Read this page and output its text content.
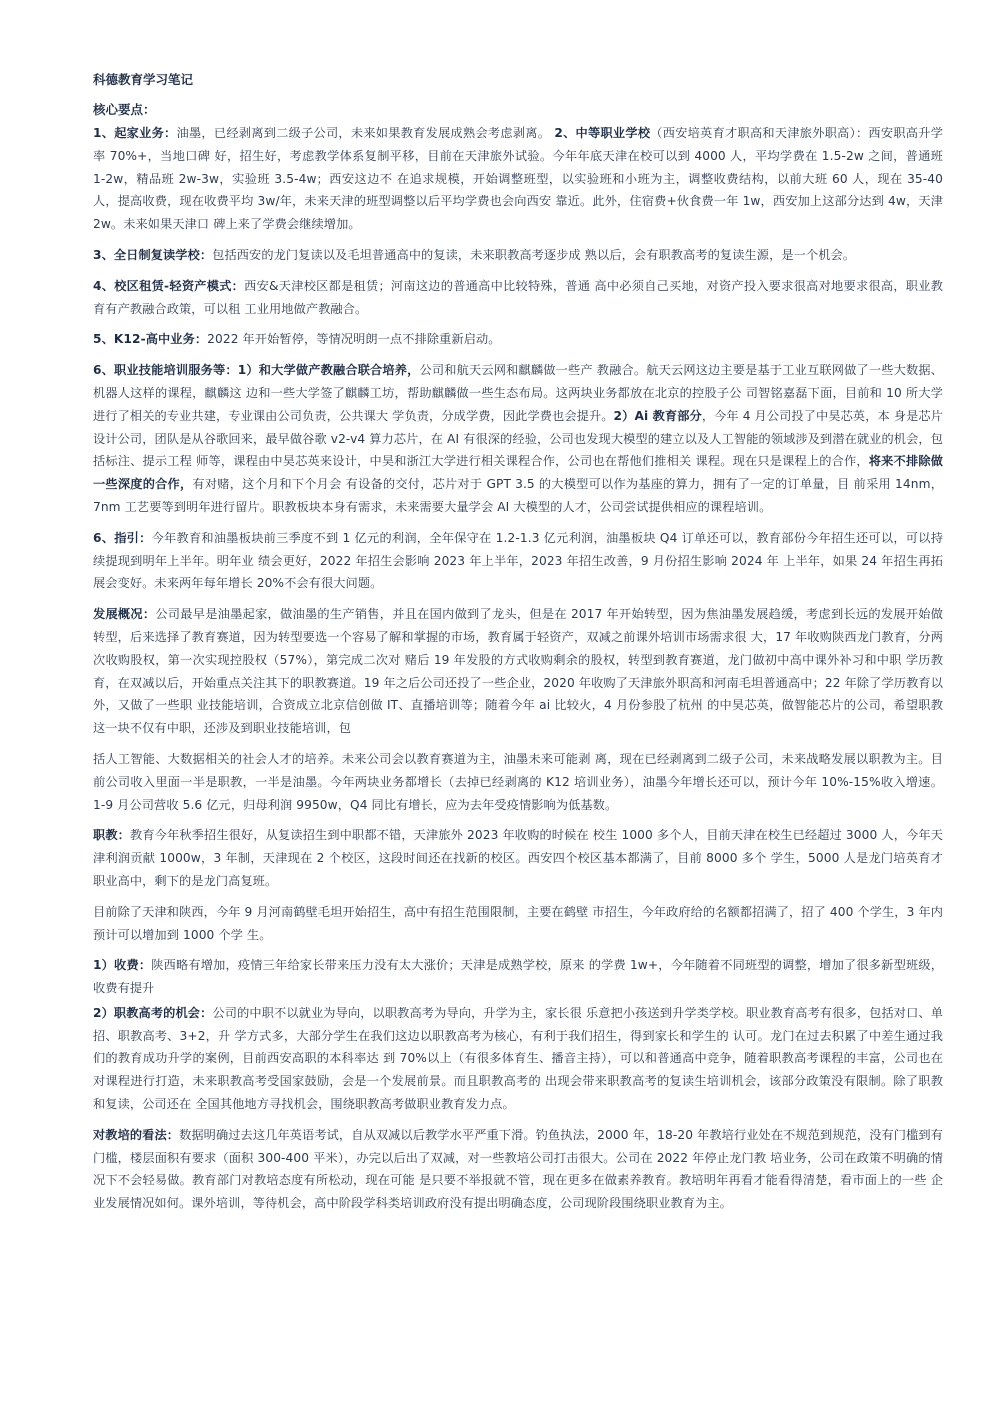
科德教育学习笔记
核心要点：

1、起家业务：油墨，已经剥离到二级子公司，未来如果教育发展成熟会考虑剥离。 2、中等职业学校（西安培英育才职高和天津旅外职高）：西安职高升学率 70%+，当地口碑 好，招生好，考虑教学体系复制平移，目前在天津旅外试验。今年年底天津在校可以到 4000 人，平均学费在 1.5-2w 之间，普通班 1-2w，精品班 2w-3w，实验班 3.5-4w；西安这边不 在追求规模，开始调整班型，以实验班和小班为主，调整收费结构，以前大班 60 人，现在 35-40 人，提高收费，现在收费平均 3w/年，未来天津的班型调整以后平均学费也会向西安 靠近。此外，住宿费+伙食费一年 1w，西安加上这部分达到 4w，天津 2w。未来如果天津口 碑上来了学费会继续增加。

3、全日制复读学校：包括西安的龙门复读以及毛坦普通高中的复读，未来职教高考逐步成 熟以后，会有职教高考的复读生源，是一个机会。

4、校区租赁-轻资产模式：西安&天津校区都是租赁；河南这边的普通高中比较特殊，普通 高中必须自己买地，对资产投入要求很高对地要求很高，职业教育有产教融合政策，可以租 工业用地做产教融合。

5、K12-高中业务：2022 年开始暂停，等情况明朗一点不排除重新启动。

6、职业技能培训服务等：1）和大学做产教融合联合培养，公司和航天云网和麒麟做一些产 教融合。航天云网这边主要是基于工业互联网做了一些大数据、机器人这样的课程，麒麟这 边和一些大学签了麒麟工坊，帮助麒麟做一些生态布局。这两块业务都放在北京的控股子公 司智铭嘉磊下面，目前和 10 所大学进行了相关的专业共建，专业课由公司负责，公共课大 学负责，分成学费，因此学费也会提升。2）Ai 教育部分，今年 4 月公司投了中昊芯英，本 身是芯片设计公司，团队是从谷歌回来，最早做谷歌 v2-v4 算力芯片，在 AI 有很深的经验，公司也发现大模型的建立以及人工智能的领域涉及到潜在就业的机会，包括标注、提示工程 师等，课程由中昊芯英来设计，中昊和浙江大学进行相关课程合作，公司也在帮他们推相关 课程。现在只是课程上的合作，将来不排除做一些深度的合作，有对赌，这个月和下个月会 有设备的交付，芯片对于 GPT 3.5 的大模型可以作为基座的算力，拥有了一定的订单量，目 前采用 14nm，7nm 工艺要等到明年进行留片。职教板块本身有需求，未来需要大量学会 AI 大模型的人才，公司尝试提供相应的课程培训。

6、指引：今年教育和油墨板块前三季度不到 1 亿元的利润，全年保守在 1.2-1.3 亿元利润，油墨板块 Q4 订单还可以，教育部份今年招生还可以，可以持续提现到明年上半年。明年业 绩会更好，2022 年招生会影响 2023 年上半年，2023 年招生改善，9 月份招生影响 2024 年 上半年，如果 24 年招生再拓展会变好。未来两年每年增长 20%不会有很大问题。

发展概况：公司最早是油墨起家，做油墨的生产销售，并且在国内做到了龙头，但是在 2017 年开始转型，因为焦油墨发展趋缓，考虑到长远的发展开始做转型，后来选择了教育赛道，因为转型要选一个容易了解和掌握的市场，教育属于轻资产，双减之前课外培训市场需求很 大，17 年收购陕西龙门教育，分两次收购股权，第一次实现控股权（57%），第完成二次对 赌后 19 年发股的方式收购剩余的股权，转型到教育赛道，龙门做初中高中课外补习和中职 学历教育，在双减以后，开始重点关注其下的职教赛道。19 年之后公司还投了一些企业，2020 年收购了天津旅外职高和河南毛坦普通高中；22 年除了学历教育以外，又做了一些职 业技能培训，合资成立北京信创做 IT、直播培训等；随着今年 ai 比较火，4 月份参股了杭州 的中昊芯英，做智能芯片的公司，希望职教这一块不仅有中职，还涉及到职业技能培训，包

括人工智能、大数据相关的社会人才的培养。未来公司会以教育赛道为主，油墨未来可能剥 离，现在已经剥离到二级子公司，未来战略发展以职教为主。目前公司收入里面一半是职教，一半是油墨。今年两块业务都增长（去掉已经剥离的 K12 培训业务），油墨今年增长还可以，预计今年 10%-15%收入增速。1-9 月公司营收 5.6 亿元，归母利润 9950w，Q4 同比有增长，应为去年受疫情影响为低基数。

职教：教育今年秋季招生很好，从复读招生到中职都不错，天津旅外 2023 年收购的时候在 校生 1000 多个人，目前天津在校生已经超过 3000 人，今年天津利润贡献 1000w，3 年制，天津现在 2 个校区，这段时间还在找新的校区。西安四个校区基本都满了，目前 8000 多个 学生，5000 人是龙门培英育才职业高中，剩下的是龙门高复班。

目前除了天津和陕西，今年 9 月河南鹤壁毛坦开始招生，高中有招生范围限制，主要在鹤壁 市招生，今年政府给的名额都招满了，招了 400 个学生，3 年内预计可以增加到 1000 个学 生。

1）收费：陕西略有增加，疫情三年给家长带来压力没有太大涨价；天津是成熟学校，原来 的学费 1w+，今年随着不同班型的调整，增加了很多新型班级，收费有提升

2）职教高考的机会：公司的中职不以就业为导向，以职教高考为导向，升学为主，家长很 乐意把小孩送到升学类学校。职业教育高考有很多，包括对口、单招、职教高考、3+2，升 学方式多，大部分学生在我们这边以职教高考为核心，有利于我们招生，得到家长和学生的 认可。龙门在过去积累了中差生通过我们的教育成功升学的案例，目前西安高职的本科率达 到 70%以上（有很多体育生、播音主持），可以和普通高中竞争，随着职教高考课程的丰富，公司也在对课程进行打造，未来职教高考受国家鼓励，会是一个发展前景。而且职教高考的 出现会带来职教高考的复读生培训机会，该部分政策没有限制。除了职教和复读，公司还在 全国其他地方寻找机会，围绕职教高考做职业教育发力点。

对教培的看法：数据明确过去这几年英语考试，自从双减以后教学水平严重下滑。钓鱼执法，2000 年，18-20 年教培行业处在不规范到规范，没有门槛到有门槛，楼层面积有要求（面积 300-400 平米），办完以后出了双减，对一些教培公司打击很大。公司在 2022 年停止龙门教 培业务，公司在政策不明确的情况下不会轻易做。教育部门对教培态度有所松动，现在可能 是只要不举报就不管，现在更多在做素养教育。教培明年再看才能看得清楚，看市面上的一些 企业发展情况如何。课外培训，等待机会，高中阶段学科类培训政府没有提出明确态度，公司现阶段围绕职业教育为主。
